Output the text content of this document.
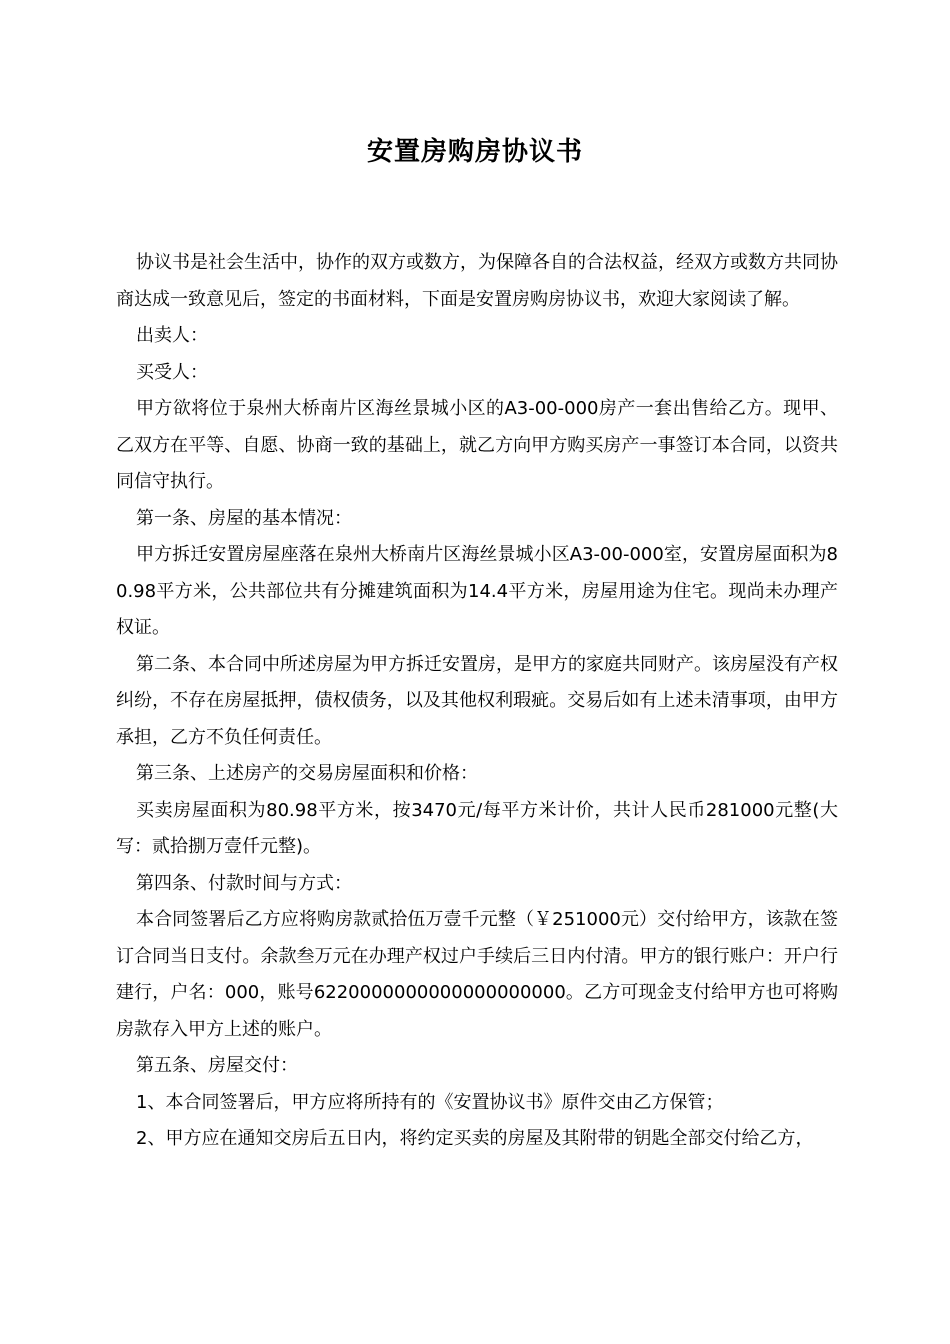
安置房购房协议书

协议书是社会生活中，协作的双方或数方，为保障各自的合法权益，经双方或数方共同协商达成一致意见后，签定的书面材料，下面是安置房购房协议书，欢迎大家阅读了解。

出卖人：

买受人：

甲方欲将位于泉州大桥南片区海丝景城小区的A3-00-000房产一套出售给乙方。现甲、乙双方在平等、自愿、协商一致的基础上，就乙方向甲方购买房产一事签订本合同，以资共同信守执行。

第一条、房屋的基本情况：

甲方拆迁安置房屋座落在泉州大桥南片区海丝景城小区A3-00-000室，安置房屋面积为80.98平方米，公共部位共有分摊建筑面积为14.4平方米，房屋用途为住宅。现尚未办理产权证。

第二条、本合同中所述房屋为甲方拆迁安置房，是甲方的家庭共同财产。该房屋没有产权纠纷，不存在房屋抵押，债权债务，以及其他权利瑕疵。交易后如有上述未清事项，由甲方承担，乙方不负任何责任。

第三条、上述房产的交易房屋面积和价格：

买卖房屋面积为80.98平方米，按3470元/每平方米计价，共计人民币281000元整(大写：贰拾捌万壹仟元整)。

第四条、付款时间与方式：

本合同签署后乙方应将购房款贰拾伍万壹千元整（￥251000元）交付给甲方，该款在签订合同当日支付。余款叁万元在办理产权过户手续后三日内付清。甲方的银行账户：开户行建行，户名：000，账号6220000000000000000000。乙方可现金支付给甲方也可将购房款存入甲方上述的账户。

第五条、房屋交付：

1、本合同签署后，甲方应将所持有的《安置协议书》原件交由乙方保管；

2、甲方应在通知交房后五日内，将约定买卖的房屋及其附带的钥匙全部交付给乙方，
